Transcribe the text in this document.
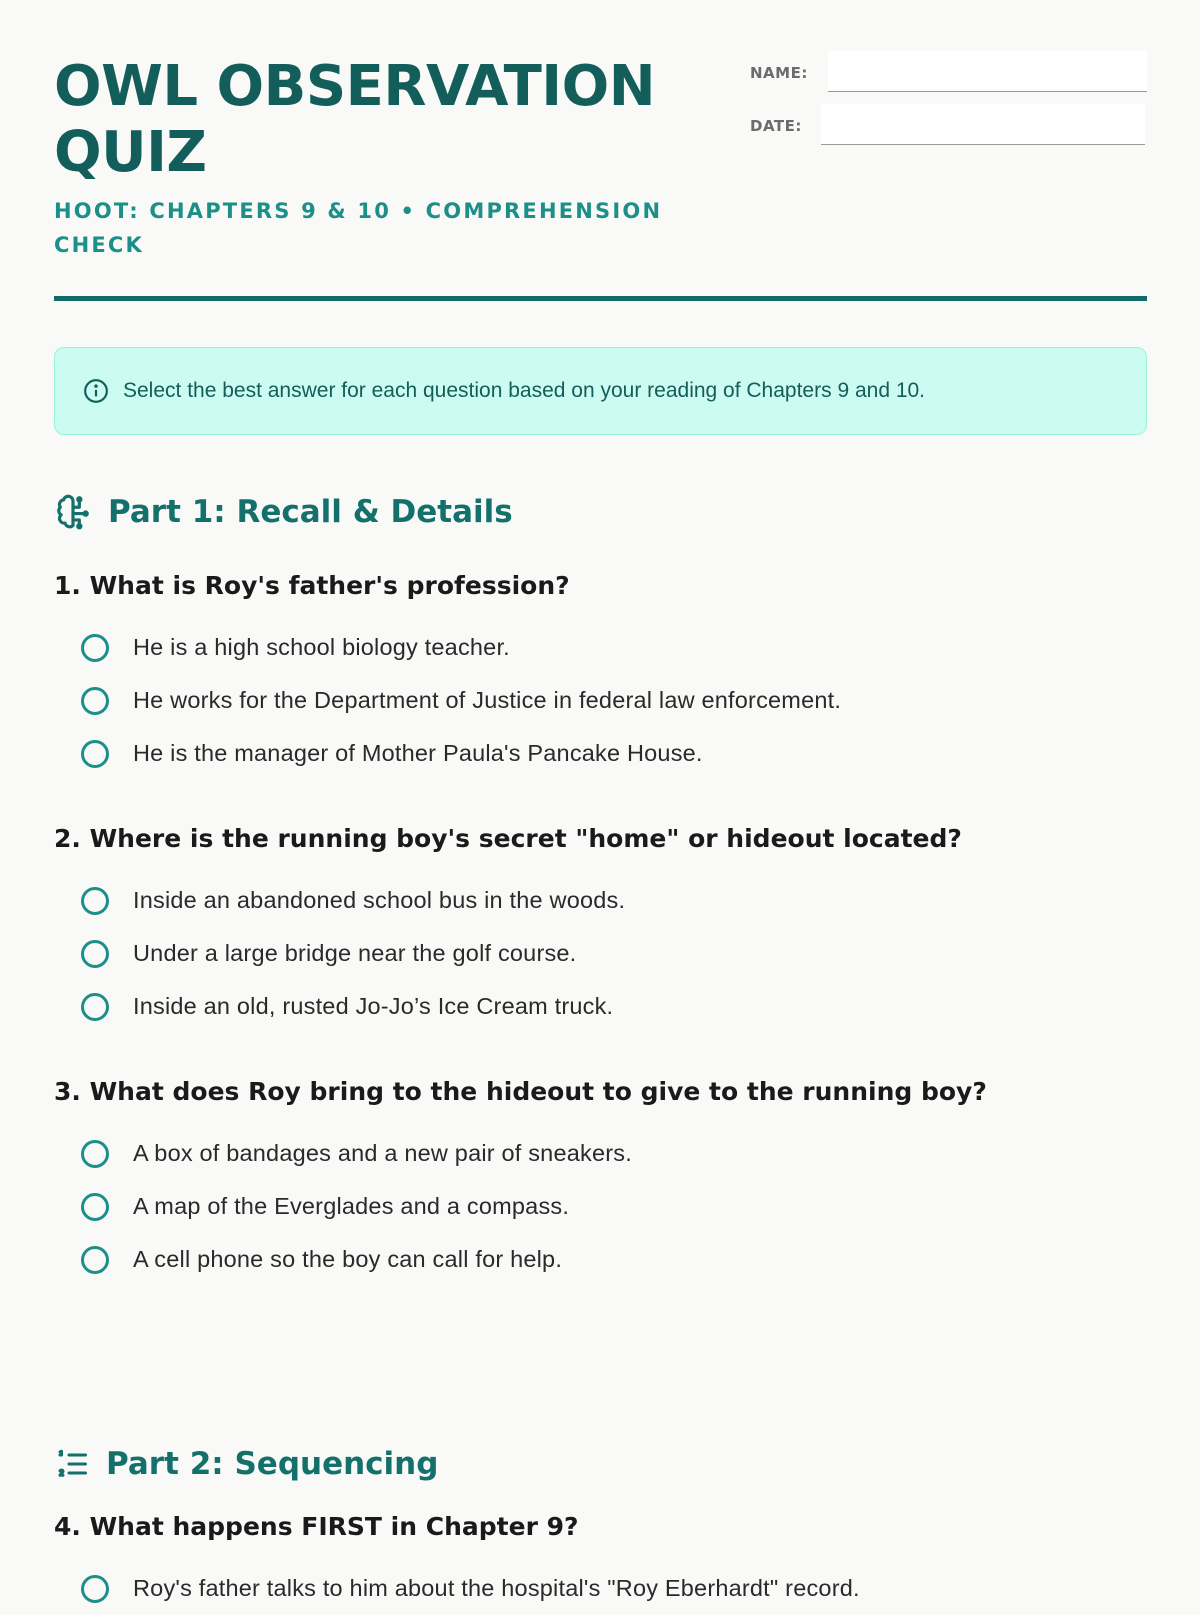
OWL OBSERVATION QUIZ

HOOT: CHAPTERS 9 & 10 • COMPREHENSION CHECK

NAME:
DATE:
Select the best answer for each question based on your reading of Chapters 9 and 10.
Part 1: Recall & Details

1. What is Roy's father's profession?

He is a high school biology teacher.
He works for the Department of Justice in federal law enforcement.
He is the manager of Mother Paula's Pancake House.

2. Where is the running boy's secret "home" or hideout located?

Inside an abandoned school bus in the woods.
Under a large bridge near the golf course.
Inside an old, rusted Jo-Jo’s Ice Cream truck.

3. What does Roy bring to the hideout to give to the running boy?

A box of bandages and a new pair of sneakers.
A map of the Everglades and a compass.
A cell phone so the boy can call for help.
Part 2: Sequencing

4. What happens FIRST in Chapter 9?

Roy's father talks to him about the hospital's "Roy Eberhardt" record.
